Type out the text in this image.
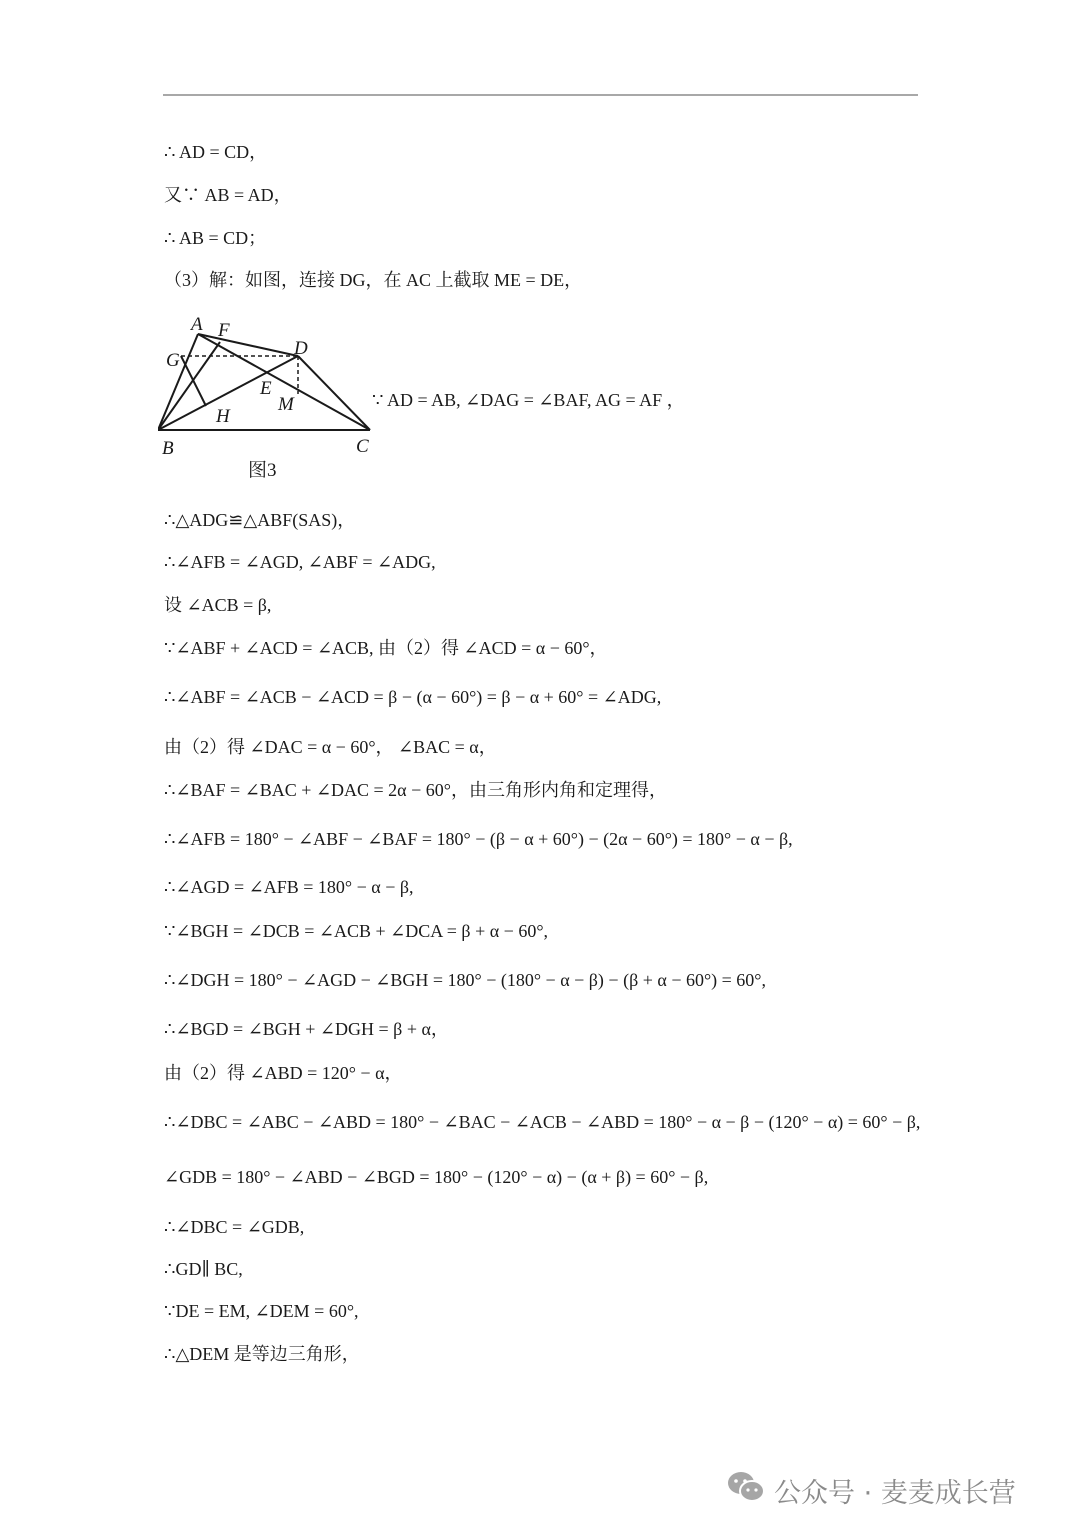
∴ AD = CD，
又∵ AB = AD，
∴ AB = CD；
（3）解：如图，连接 DG，在 AC 上截取 ME = DE，
∴△ADG≌△ABF(SAS)，
∴∠AFB = ∠AGD, ∠ABF = ∠ADG,
设 ∠ACB = β,
∵∠ABF + ∠ACD = ∠ACB, 由（2）得 ∠ACD = α − 60°，
∴∠ABF = ∠ACB − ∠ACD = β − (α − 60°) = β − α + 60° = ∠ADG,
由（2）得 ∠DAC = α − 60°， ∠BAC = α，
∴∠BAF = ∠BAC + ∠DAC = 2α − 60°，由三角形内角和定理得，
∴∠AFB = 180° − ∠ABF − ∠BAF = 180° − (β − α + 60°) − (2α − 60°) = 180° − α − β,
∴∠AGD = ∠AFB = 180° − α − β,
∵∠BGH = ∠DCB = ∠ACB + ∠DCA = β + α − 60°,
∴∠DGH = 180° − ∠AGD − ∠BGH = 180° − (180° − α − β) − (β + α − 60°) = 60°,
∴∠BGD = ∠BGH + ∠DGH = β + α，
由（2）得 ∠ABD = 120° − α，
∴∠DBC = ∠ABC − ∠ABD = 180° − ∠BAC − ∠ACB − ∠ABD = 180° − α − β − (120° − α) = 60° − β,
∠GDB = 180° − ∠ABD − ∠BGD = 180° − (120° − α) − (α + β) = 60° − β,
∴∠DBC = ∠GDB,
∴GD∥ BC,
∵DE = EM, ∠DEM = 60°,
∴△DEM 是等边三角形，
A F
G
D
E
M
H
B	C
图3
∵ AD = AB, ∠DAG = ∠BAF, AG = AF ，
公众号 · 麦麦成长营
